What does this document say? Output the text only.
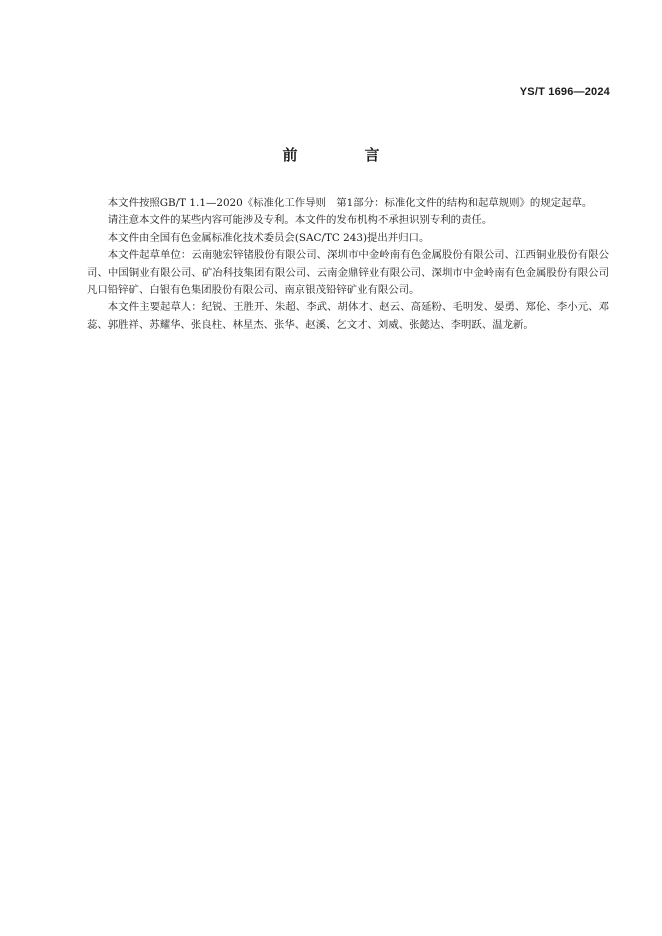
YS/T 1696—2024
前　言

本文件按照GB/T 1.1—2020《标准化工作导则　第1部分：标准化文件的结构和起草规则》的规定起草。

请注意本文件的某些内容可能涉及专利。本文件的发布机构不承担识别专利的责任。

本文件由全国有色金属标准化技术委员会(SAC/TC 243)提出并归口。

本文件起草单位：云南驰宏锌锗股份有限公司、深圳市中金岭南有色金属股份有限公司、江西铜业股份有限公司、中国铜业有限公司、矿冶科技集团有限公司、云南金鼎锌业有限公司、深圳市中金岭南有色金属股份有限公司凡口铅锌矿、白银有色集团股份有限公司、南京银茂铅锌矿业有限公司。

本文件主要起草人：纪锐、王胜开、朱超、李武、胡体才、赵云、高延粉、毛明发、晏勇、郑伦、李小元、邓蕊、郭胜祥、苏耀华、张良柱、林星杰、张华、赵溪、乞文才、刘威、张懿达、李明跃、温龙新。
